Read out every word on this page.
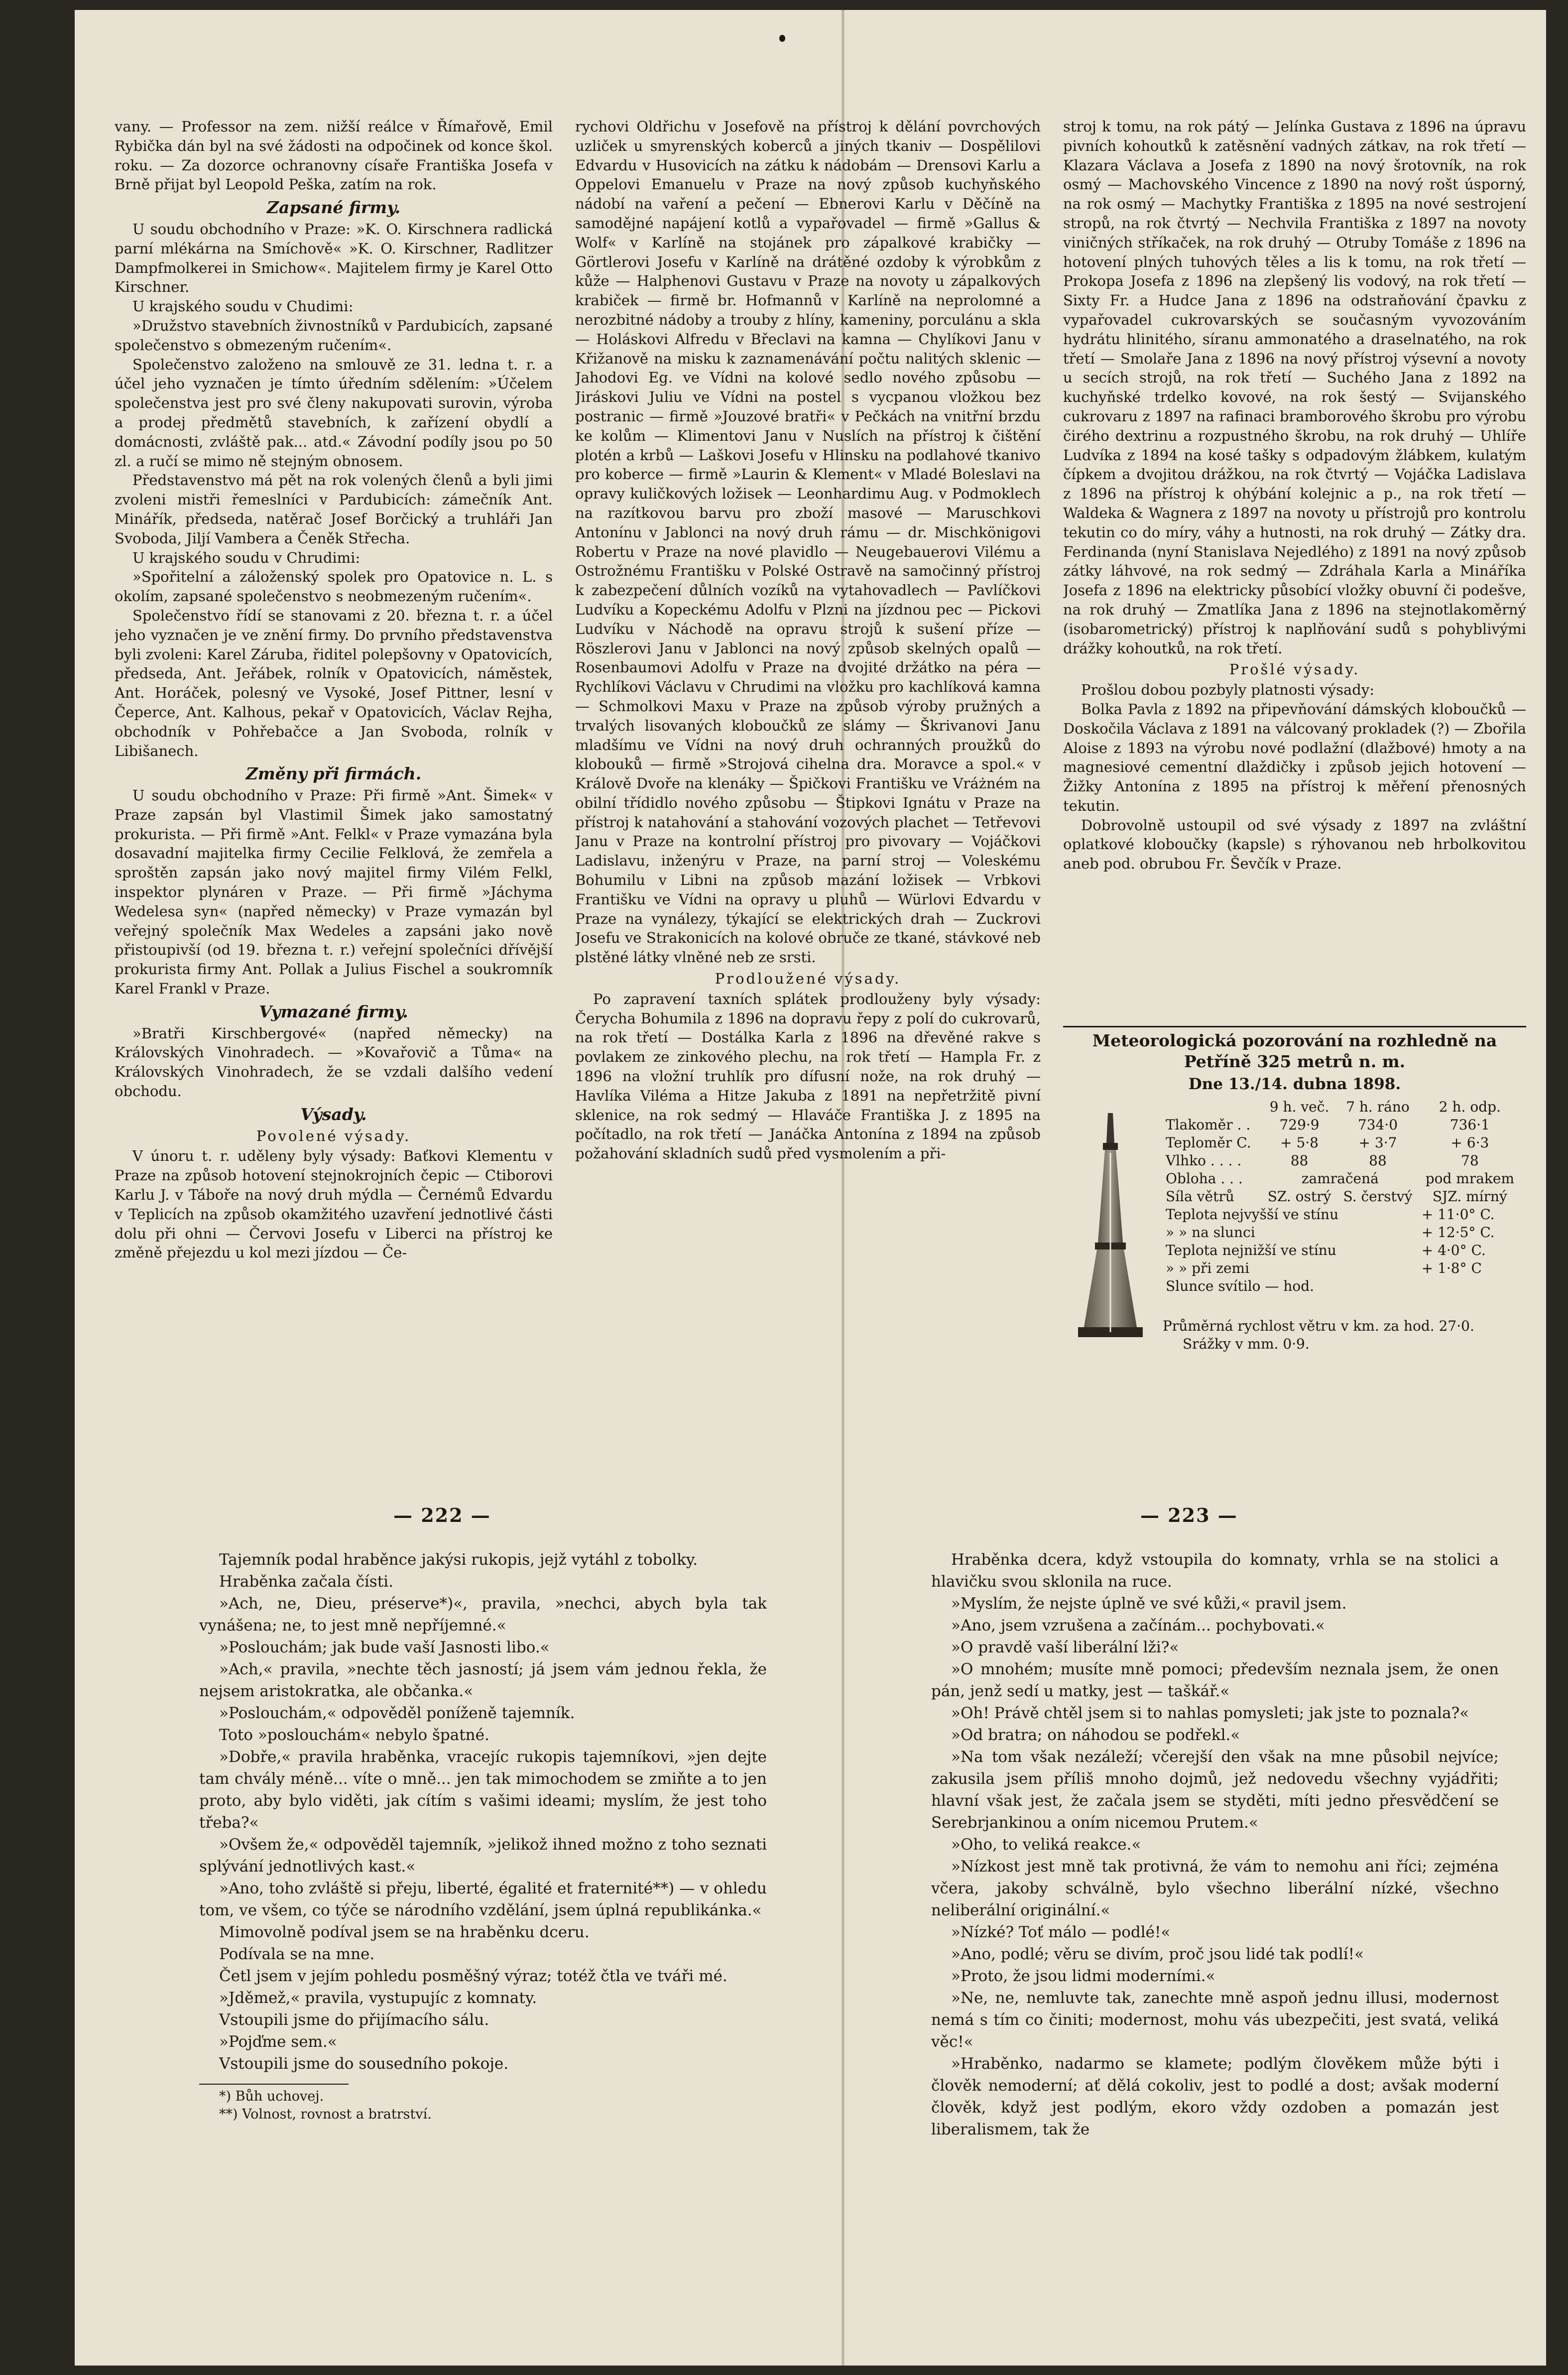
vany. — Professor na zem. nižší reálce v Římařově, Emil Rybička dán byl na své žádosti na odpočinek od konce škol. roku. — Za dozorce ochranovny císaře Františka Josefa v Brně přijat byl Leopold Peška, zatím na rok.

Zapsané firmy.

U soudu obchodního v Praze: »K. O. Kirschnera radlická parní mlékárna na Smíchově« »K. O. Kirschner, Radlitzer Dampfmolkerei in Smichow«. Majitelem firmy je Karel Otto Kirschner.

U krajského soudu v Chudimi:

»Družstvo stavebních živnostníků v Pardubicích, zapsané společenstvo s obmezeným ručením«.

Společenstvo založeno na smlouvě ze 31. ledna t. r. a účel jeho vyznačen je tímto úředním sdělením: »Účelem společenstva jest pro své členy nakupovati surovin, výroba a prodej předmětů stavebních, k zařízení obydlí a domácnosti, zvláště pak... atd.« Závodní podíly jsou po 50 zl. a ručí se mimo ně stejným obnosem.

Představenstvo má pět na rok volených členů a byli jimi zvoleni mistři řemeslníci v Pardubicích: zámečník Ant. Minářík, předseda, natěrač Josef Borčický a truhláři Jan Svoboda, Jiljí Vambera a Čeněk Střecha.

U krajského soudu v Chrudimi:

»Spořitelní a záloženský spolek pro Opatovice n. L. s okolím, zapsané společenstvo s neobmezeným ručením«.

Společenstvo řídí se stanovami z 20. března t. r. a účel jeho vyznačen je ve znění firmy. Do prvního představenstva byli zvoleni: Karel Záruba, řiditel polepšovny v Opatovicích, předseda, Ant. Jeřábek, rolník v Opatovicích, náměstek, Ant. Horáček, polesný ve Vysoké, Josef Pittner, lesní v Čeperce, Ant. Kalhous, pekař v Opatovicích, Václav Rejha, obchodník v Pohřebačce a Jan Svoboda, rolník v Libišanech.

Změny při firmách.

U soudu obchodního v Praze: Při firmě »Ant. Šimek« v Praze zapsán byl Vlastimil Šimek jako samostatný prokurista. — Při firmě »Ant. Felkl« v Praze vymazána byla dosavadní majitelka firmy Cecilie Felklová, že zemřela a sproštěn zapsán jako nový majitel firmy Vilém Felkl, inspektor plynáren v Praze. — Při firmě »Jáchyma Wedelesa syn« (napřed německy) v Praze vymazán byl veřejný společník Max Wedeles a zapsáni jako nově přistoupivší (od 19. března t. r.) veřejní společníci dřívější prokurista firmy Ant. Pollak a Julius Fischel a soukromník Karel Frankl v Praze.

Vymazané firmy.

»Bratři Kirschbergové« (napřed německy) na Královských Vinohradech. — »Kovařovič a Tůma« na Královských Vinohradech, že se vzdali dalšího vedení obchodu.

Výsady.
Povolené výsady.

V únoru t. r. uděleny byly výsady: Baťkovi Klementu v Praze na způsob hotovení stejnokrojních čepic — Ctiborovi Karlu J. v Táboře na nový druh mýdla — Černémů Edvardu v Teplicích na způsob okamžitého uzavření jednotlivé části dolu při ohni — Červovi Josefu v Liberci na přístroj ke změně přejezdu u kol mezi jízdou — Če-

rychovi Oldřichu v Josefově na přístroj k dělání povrchových uzliček u smyrenských koberců a jiných tkaniv — Dospělilovi Edvardu v Husovicích na zátku k nádobám — Drensovi Karlu a Oppelovi Emanuelu v Praze na nový způsob kuchyňského nádobí na vaření a pečení — Ebnerovi Karlu v Děčíně na samodějné napájení kotlů a vypařovadel — firmě »Gallus & Wolf« v Karlíně na stojánek pro zápalkové krabičky — Görtlerovi Josefu v Karlíně na drátěné ozdoby k výrobkům z kůže — Halphenovi Gustavu v Praze na novoty u zápalkových krabiček — firmě br. Hofmannů v Karlíně na neprolomné a nerozbitné nádoby a trouby z hlíny, kameniny, porculánu a skla — Holáskovi Alfredu v Břeclavi na kamna — Chylíkovi Janu v Křižanově na misku k zaznamenávání počtu nalitých sklenic — Jahodovi Eg. ve Vídni na kolové sedlo nového způsobu — Jiráskovi Juliu ve Vídni na postel s vycpanou vložkou bez postranic — firmě »Jouzové bratři« v Pečkách na vnitřní brzdu ke kolům — Klimentovi Janu v Nuslích na přístroj k čištění plotén a krbů — Laškovi Josefu v Hlinsku na podlahové tkanivo pro koberce — firmě »Laurin & Klement« v Mladé Boleslavi na opravy kuličkových ložisek — Leonhardimu Aug. v Podmoklech na razítkovou barvu pro zboží masové — Maruschkovi Antonínu v Jablonci na nový druh rámu — dr. Mischkönigovi Robertu v Praze na nové plavidlo — Neugebauerovi Vilému a Ostrožnému Františku v Polské Ostravě na samočinný přístroj k zabezpečení důlních vozíků na vytahovadlech — Pavlíčkovi Ludvíku a Kopeckému Adolfu v Plzni na jízdnou pec — Pickovi Ludvíku v Náchodě na opravu strojů k sušení příze — Röszlerovi Janu v Jablonci na nový způsob skelných opalů — Rosenbaumovi Adolfu v Praze na dvojité držátko na péra — Rychlíkovi Václavu v Chrudimi na vložku pro kachlíková kamna — Schmolkovi Maxu v Praze na způsob výroby pružných a trvalých lisovaných kloboučků ze slámy — Škrivanovi Janu mladšímu ve Vídni na nový druh ochranných proužků do klobouků — firmě »Strojová cihelna dra. Moravce a spol.« v Králově Dvoře na klenáky — Špičkovi Františku ve Vráżném na obilní třídidlo nového způsobu — Štipkovi Ignátu v Praze na přístroj k natahování a stahování vozových plachet — Tetřevovi Janu v Praze na kontrolní přístroj pro pivovary — Vojáčkovi Ladislavu, inženýru v Praze, na parní stroj — Voleskému Bohumilu v Libni na způsob mazání ložisek — Vrbkovi Františku ve Vídni na opravy u pluhů — Würlovi Edvardu v Praze na vynálezy, týkající se elektrických drah — Zuckrovi Josefu ve Strakonicích na kolové obruče ze tkané, stávkové neb plstěné látky vlněné neb ze srsti.

Prodloužené výsady.

Po zapravení taxních splátek prodlouženy byly výsady: Čerycha Bohumila z 1896 na dopravu řepy z polí do cukrovarů, na rok třetí — Dostálka Karla z 1896 na dřevěné rakve s povlakem ze zinkového plechu, na rok třetí — Hampla Fr. z 1896 na vložní truhlík pro dífusní nože, na rok druhý — Havlíka Viléma a Hitze Jakuba z 1891 na nepřetržitě pivní sklenice, na rok sedmý — Hlaváče Františka J. z 1895 na počítadlo, na rok třetí — Janáčka Antonína z 1894 na způsob požahování skladních sudů před vysmolením a při-

stroj k tomu, na rok pátý — Jelínka Gustava z 1896 na úpravu pivních kohoutků k zatěsnění vadných zátkav, na rok třetí — Klazara Václava a Josefa z 1890 na nový šrotovník, na rok osmý — Machovského Vincence z 1890 na nový rošt úsporný, na rok osmý — Machytky Františka z 1895 na nové sestrojení stropů, na rok čtvrtý — Nechvila Františka z 1897 na novoty viničných stříkaček, na rok druhý — Otruby Tomáše z 1896 na hotovení plných tuhových těles a lis k tomu, na rok třetí — Prokopa Josefa z 1896 na zlepšený lis vodový, na rok třetí — Sixty Fr. a Hudce Jana z 1896 na odstraňování čpavku z vypařovadel cukrovarských se současným vyvozováním hydrátu hlinitého, síranu ammonatého a draselnatého, na rok třetí — Smolaře Jana z 1896 na nový přístroj výsevní a novoty u secích strojů, na rok třetí — Suchého Jana z 1892 na kuchyňské trdelko kovové, na rok šestý — Svijanského cukrovaru z 1897 na rafinaci bramborového škrobu pro výrobu čirého dextrinu a rozpustného škrobu, na rok druhý — Uhlíře Ludvíka z 1894 na kosé tašky s odpadovým žlábkem, kulatým čípkem a dvojitou drážkou, na rok čtvrtý — Vojáčka Ladislava z 1896 na přístroj k ohýbání kolejnic a p., na rok třetí — Waldeka & Wagnera z 1897 na novoty u přístrojů pro kontrolu tekutin co do míry, váhy a hutnosti, na rok druhý — Zátky dra. Ferdinanda (nyní Stanislava Nejedlého) z 1891 na nový způsob zátky láhvové, na rok sedmý — Zdráhala Karla a Mináříka Josefa z 1896 na elektricky působící vložky obuvní či podešve, na rok druhý — Zmatlíka Jana z 1896 na stejnotlakoměrný (isobarometrický) přístroj k naplňování sudů s pohyblivými drážky kohoutků, na rok třetí.

Prošlé výsady.

Prošlou dobou pozbyly platnosti výsady:

Bolka Pavla z 1892 na připevňování dámských kloboučků — Doskočila Václava z 1891 na válcovaný prokladek (?) — Zbořila Aloise z 1893 na výrobu nové podlažní (dlažbové) hmoty a na magnesiové cementní dlaždičky i způsob jejich hotovení — Žižky Antonína z 1895 na přístroj k měření přenosných tekutin.

Dobrovolně ustoupil od své výsady z 1897 na zvláštní oplatkové kloboučky (kapsle) s rýhovanou neb hrbolkovitou aneb pod. obrubou Fr. Ševčík v Praze.

Meteorologická pozorování na rozhledně na Petříně 325 metrů n. m.
Dne 13./14. dubna 1898.
	9 h. več.	7 h. ráno	2 h. odp.
Tlakoměr . .	729·9	734·0	736·1
Teploměr C.	+ 5·8	+ 3·7	+ 6·3
Vlhko . . . .	88	88	78
Obloha . . .	zamračená		pod mrakem
Síla větrů	SZ. ostrý	S. čerstvý	SJZ. mírný
Teplota nejvyšší ve stínu			+ 11·0° C.
» » na slunci			+ 12·5° C.
Teplota nejnižší ve stínu			+ 4·0° C.
» » při zemi			+ 1·8° C
Slunce svítilo — hod.			
Průměrná rychlost větru v km. za hod. 27·0.
Srážky v mm. 0·9.
— 222 —	— 223 —

Tajemník podal hraběnce jakýsi rukopis, jejž vytáhl z tobolky.

Hraběnka začala čísti.

»Ach, ne, Dieu, préserve*)«, pravila, »nechci, abych byla tak vynášena; ne, to jest mně nepříjemné.«

»Poslouchám; jak bude vaší Jasnosti libo.«

»Ach,« pravila, »nechte těch jasností; já jsem vám jednou řekla, že nejsem aristokratka, ale občanka.«

»Poslouchám,« odpověděl poníženě tajemník.

Toto »poslouchám« nebylo špatné.

»Dobře,« pravila hraběnka, vracejíc rukopis tajemníkovi, »jen dejte tam chvály méně... víte o mně... jen tak mimochodem se zmiňte a to jen proto, aby bylo viděti, jak cítím s vašimi ideami; myslím, že jest toho třeba?«

»Ovšem že,« odpověděl tajemník, »jelikož ihned možno z toho seznati splývání jednotlivých kast.«

»Ano, toho zvláště si přeju, liberté, égalité et fraternité**) — v ohledu tom, ve všem, co týče se národního vzdělání, jsem úplná republikánka.«

Mimovolně podíval jsem se na hraběnku dceru.

Podívala se na mne.

Četl jsem v jejím pohledu posměšný výraz; totéž čtla ve tváři mé.

»Jděmež,« pravila, vystupujíc z komnaty.

Vstoupili jsme do přijímacího sálu.

»Pojďme sem.«

Vstoupili jsme do sousedního pokoje.

*) Bůh uchovej.

**) Volnost, rovnost a bratrství.

Hraběnka dcera, když vstoupila do komnaty, vrhla se na stolici a hlavičku svou sklonila na ruce.

»Myslím, že nejste úplně ve své kůži,« pravil jsem.

»Ano, jsem vzrušena a začínám... pochybovati.«

»O pravdě vaší liberální lži?«

»O mnohém; musíte mně pomoci; především neznala jsem, že onen pán, jenž sedí u matky, jest — taškář.«

»Oh! Právě chtěl jsem si to nahlas pomysleti; jak jste to poznala?«

»Od bratra; on náhodou se podřekl.«

»Na tom však nezáleží; včerejší den však na mne působil nejvíce; zakusila jsem příliš mnoho dojmů, jež nedovedu všechny vyjádřiti; hlavní však jest, že začala jsem se styděti, míti jedno přesvědčení se Serebrjankinou a oním nicemou Prutem.«

»Oho, to veliká reakce.«

»Nízkost jest mně tak protivná, že vám to nemohu ani říci; zejména včera, jakoby schválně, bylo všechno liberální nízké, všechno neliberální originální.«

»Nízké? Toť málo — podlé!«

»Ano, podlé; věru se divím, proč jsou lidé tak podlí!«

»Proto, že jsou lidmi moderními.«

»Ne, ne, nemluvte tak, zanechte mně aspoň jednu illusi, modernost nemá s tím co činiti; modernost, mohu vás ubezpečiti, jest svatá, veliká věc!«

»Hraběnko, nadarmo se klamete; podlým člověkem může býti i člověk nemoderní; ať dělá cokoliv, jest to podlé a dost; avšak moderní člověk, když jest podlým, ekoro vždy ozdoben a pomazán jest liberalismem, tak že
